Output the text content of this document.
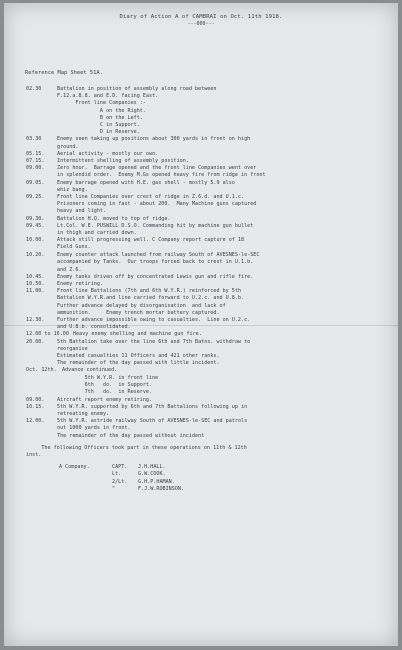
Diary of Action A of CAMBRAI on Oct. 11th 1918.
---000---
Reference Map Sheet 51A.
02.30	Battalion in position of assembly along road between
F.12.a.8.8. and E.D. facing East.
Front line Companies :-
A on the Right.
B on the Left.
C in Support.
D in Reserve.
03.30	Enemy seen taking up positions about 300 yards in front on high
ground.
05.15.	Aerial activity - mostly our own.
07.15.	Intermittent shelling of assembly position.
09.00.	Zero hour.  Barrage opened and the front line Companies went over
in splendid order.  Enemy M.Gs opened heavy fire from ridge in front
09.05.	Enemy barrage opened with H.E. gas shell - mostly 5.9 also
whiz bang.
09.25.	Front line Companies over crest of ridge in Z.6.d. and U.1.c.
Prisoners coming in fast - about 200.  Many Machine guns captured
heavy and light.
09.30.	Battalion H.Q. moved to top of ridge.
09.45.	Lt.Col. W.E. PUSWILL D.S.O. Commanding hit by machine gun bullet
in thigh and carried down.
10.00.	Attack still progressing well. C Company report capture of 18
Field Guns.
10.20.	Enemy counter attack launched from railway South of AVESNES-le-SEC
accompanied by Tanks.  Our troops forced back to crest in U.1.b.
and Z.6.
10.45.	Enemy tanks driven off by concentrated Lewis gun and rifle fire.
10.50.	Enemy retiring.
11.00.	Front line Battalions (7th and 6th W.Y.R.) reinforced by 5th
Battalion W.Y.R.and line carried forward to U.2.c. and U.8.b.
Further advance delayed by disorganisation  and lack of
ammunition.     Enemy trench mortar battery captured.
12.30.	Further advance impossible owing to casualties.  Line on U.2.c.
and U.8.b. consolidated.
12.00 to 16.00 Heavy enemy shelling and machine gun fire.
20.00.	5th Battalion take over the line 6th and 7th Batns. withdraw to
reorganise
Estimated casualties 11 Officers and 421 other ranks.
The remainder of the day passed with little incident.
Oct. 12th. Advance continued.
5th W.Y.R. in front line
6th   do.  in Support.
7th   do.  in Reserve.
09.00.	Aircraft report enemy retiring.
10.15.	5th W.Y.R. supported by 6th and 7th Battalions following up in
retreating enemy.
12.00.	5th W.Y.R. astride railway South of AVESNES-le-SEC and patrols
out 1000 yards in front.
The remainder of the day passed without incident
The following Officers took part in these operations on 11th & 12th
inst.
A Company.	CAPT. J.H.HALL.
Lt.	G.W.COOK.
2/Lt. G.H.P.HAMAN.
"	F.J.W.ROBINSON.
